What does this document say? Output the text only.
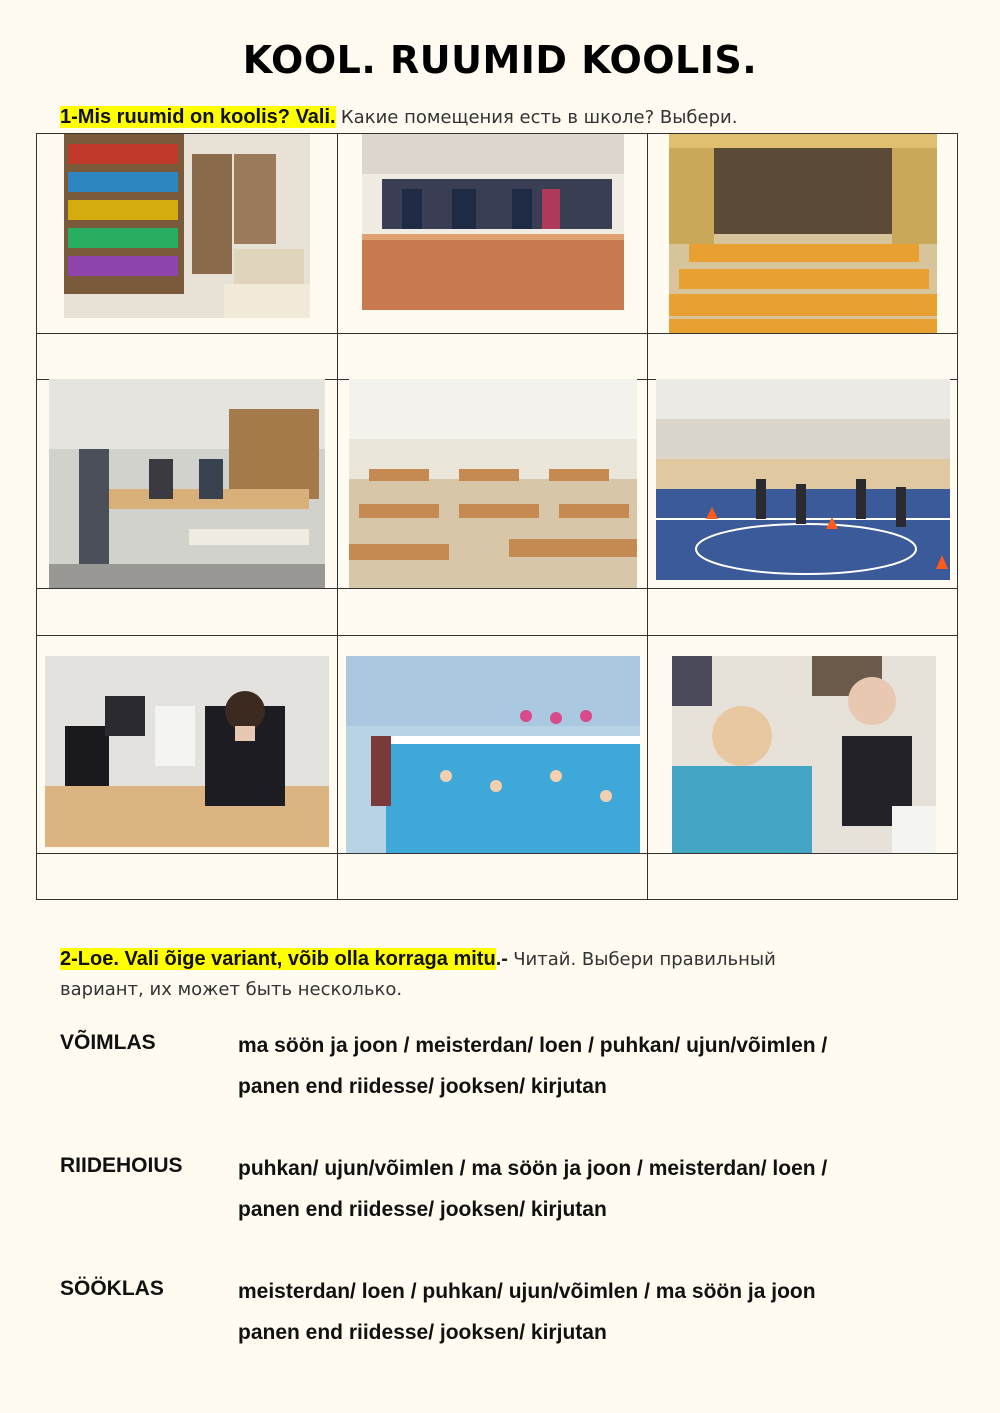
KOOL. RUUMID KOOLIS.
1-Mis ruumid on koolis? Vali. Какие помещения есть в школе? Выбери.
2-Loe. Vali õige variant, võib olla korraga mitu.- Читай. Выбери правильный
вариант, их может быть несколько.
VÕIMLAS	ma söön ja joon / meisterdan/ loen / puhkan/ ujun/võimlen /
panen end riidesse/ jooksen/ kirjutan
RIIDEHOIUS	puhkan/ ujun/võimlen / ma söön ja joon / meisterdan/ loen /
panen end riidesse/ jooksen/ kirjutan
SÖÖKLAS	meisterdan/ loen / puhkan/ ujun/võimlen / ma söön ja joon
panen end riidesse/ jooksen/ kirjutan
